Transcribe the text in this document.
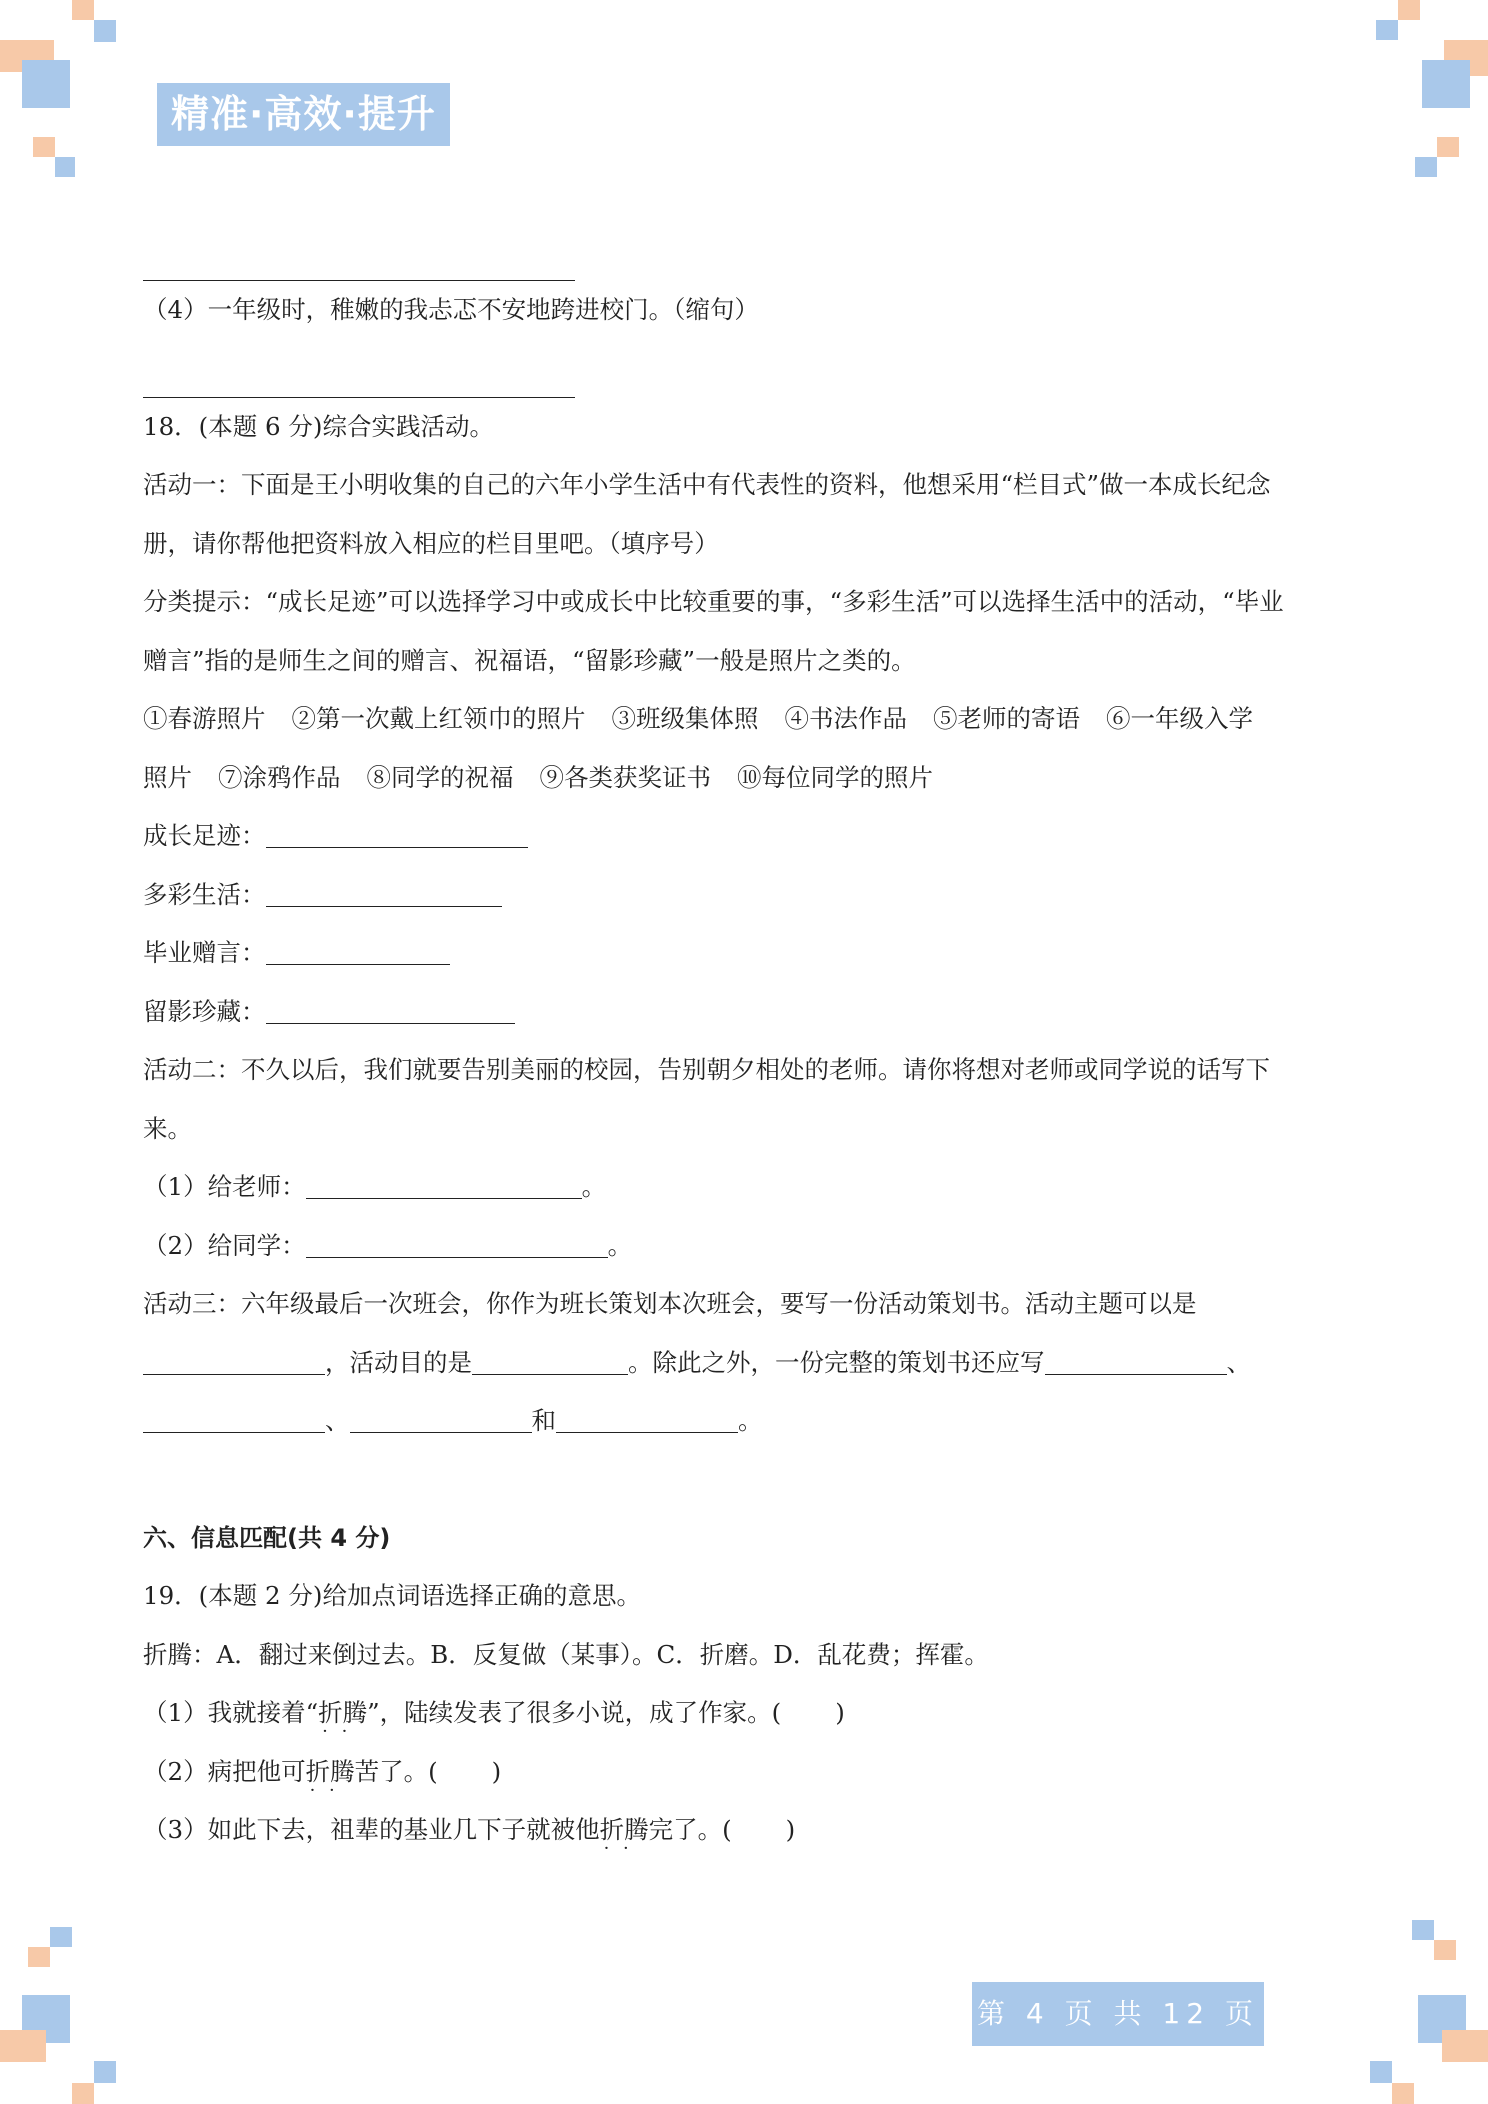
精准·高效·提升
（4）一年级时，稚嫩的我忐忑不安地跨进校门。（缩句）
18．(本题 6 分)综合实践活动。
活动一：下面是王小明收集的自己的六年小学生活中有代表性的资料，他想采用“栏目式”做一本成长纪念
册，请你帮他把资料放入相应的栏目里吧。（填序号）
分类提示：“成长足迹”可以选择学习中或成长中比较重要的事，“多彩生活”可以选择生活中的活动，“毕业
赠言”指的是师生之间的赠言、祝福语，“留影珍藏”一般是照片之类的。
①春游照片 ②第一次戴上红领巾的照片 ③班级集体照 ④书法作品 ⑤老师的寄语 ⑥一年级入学
照片 ⑦涂鸦作品 ⑧同学的祝福 ⑨各类获奖证书 ⑩每位同学的照片
成长足迹：
多彩生活：
毕业赠言：
留影珍藏：
活动二：不久以后，我们就要告别美丽的校园，告别朝夕相处的老师。请你将想对老师或同学说的话写下
来。
（1）给老师：	。
（2）给同学：	。
活动三：六年级最后一次班会，你作为班长策划本次班会，要写一份活动策划书。活动主题可以是
，活动目的是	。除此之外，一份完整的策划书还应写	、
、	和	。
六、信息匹配(共 4 分)
19．(本题 2 分)给加点词语选择正确的意思。
折腾：A．翻过来倒过去。B．反复做（某事）。C．折磨。D．乱花费；挥霍。
（1）我就接着“折腾 · ·”，陆续发表了很多小说，成了作家。( )
（2）病把他可折腾 · ·苦了。( )
（3）如此下去，祖辈的基业几下子就被他折腾 · ·完了。( )
第 4 页 共 12 页
